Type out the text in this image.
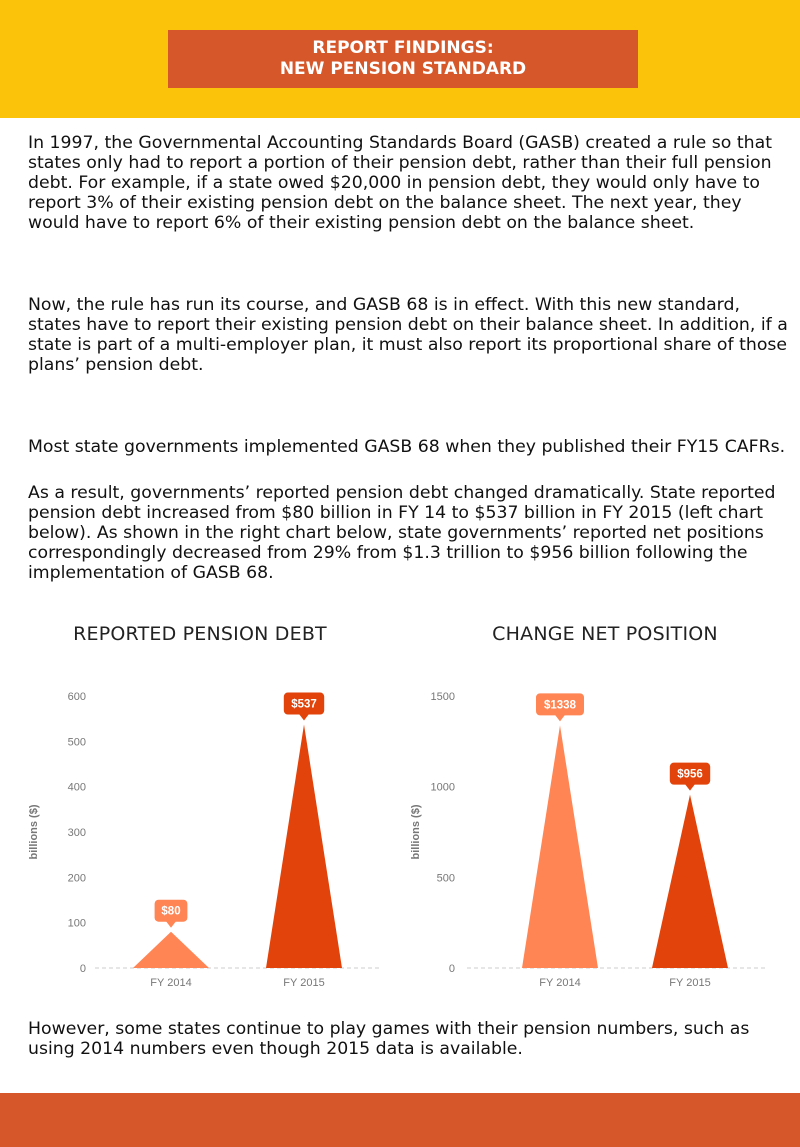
REPORT FINDINGS:
NEW PENSION STANDARD

In 1997, the Governmental Accounting Standards Board (GASB) created a rule so that states only had to report a portion of their pension debt, rather than their full pension debt. For example, if a state owed $20,000 in pension debt, they would only have to report 3% of their existing pension debt on the balance sheet. The next year, they would have to report 6% of their existing pension debt on the balance sheet.

Now, the rule has run its course, and GASB 68 is in effect. With this new standard, states have to report their existing pension debt on their balance sheet. In addition, if a state is part of a multi-employer plan, it must also report its proportional share of those plans’ pension debt.

Most state governments implemented GASB 68 when they published their FY15 CAFRs.

As a result, governments’ reported pension debt changed dramatically. State reported pension debt increased from $80 billion in FY 14 to $537 billion in FY 2015 (left chart below). As shown in the right chart below, state governments’ reported net positions correspondingly decreased from 29% from $1.3 trillion to $956 billion following the implementation of GASB 68.

REPORTED PENSION DEBT
0
100
200
300
400
500
600
billions ($)
$80
FY 2014
$537
FY 2015
CHANGE NET POSITION
0
500
1000
1500
billions ($)
$1338
FY 2014
$956
FY 2015

However, some states continue to play games with their pension numbers, such as using 2014 numbers even though 2015 data is available.
